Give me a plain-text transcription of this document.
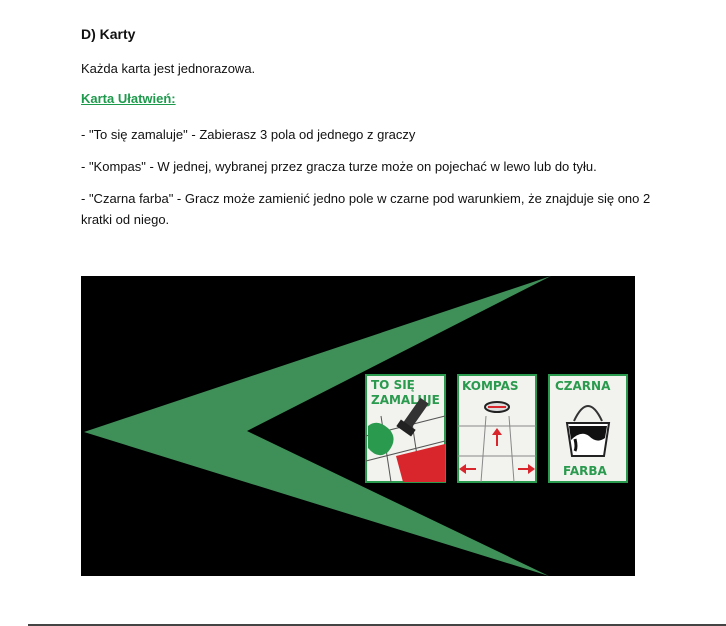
D) Karty
Każda karta jest jednorazowa.
Karta Ułatwień:
- "To się zamaluje" - Zabierasz 3 pola od jednego z graczy
- "Kompas" - W jednej, wybranej przez gracza turze może on pojechać w lewo lub do tyłu.
- "Czarna farba" - Gracz może zamienić jedno pole w czarne pod warunkiem, że znajduje się ono 2 kratki od niego.
TO SIĘ
ZAMALUJE
KOMPAS	CZARNA
FARBA
